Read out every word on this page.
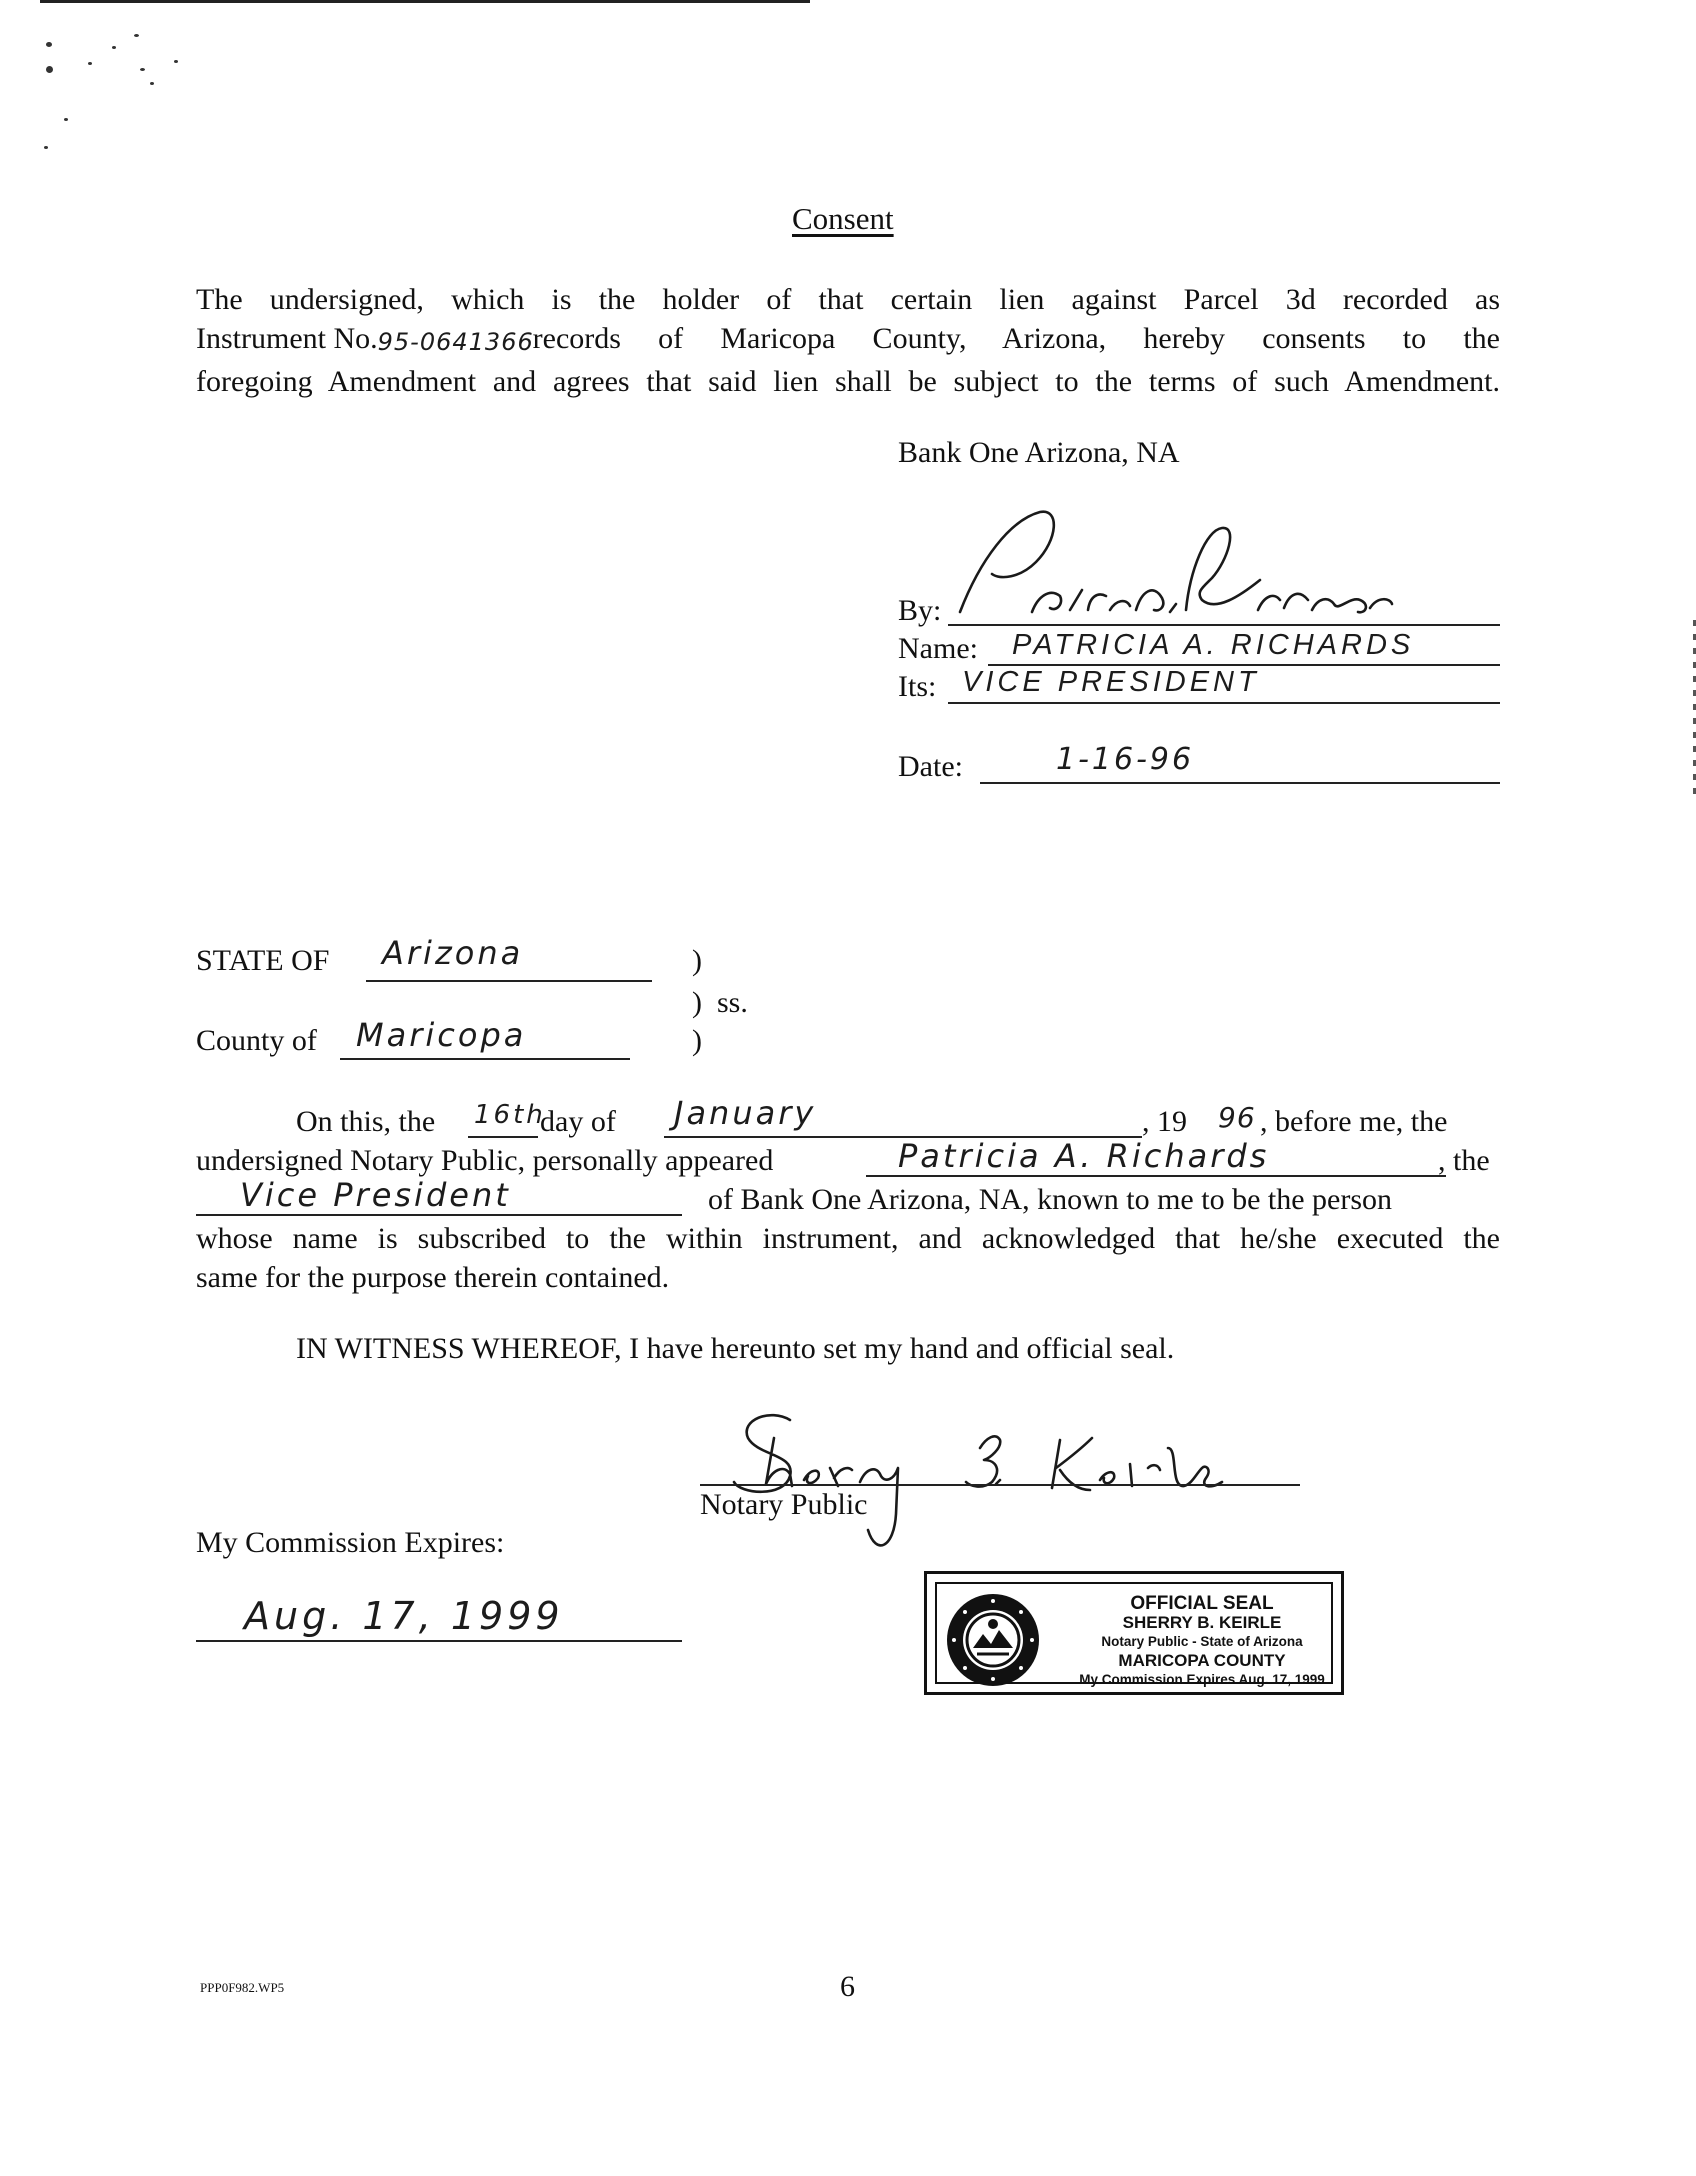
Consent
The undersigned, which is the holder of that certain lien against Parcel 3d recorded as
Instrument No. 95-0641366
records of Maricopa County, Arizona, hereby consents to the
foregoing Amendment and agrees that said lien shall be subject to the terms of such Amendment.
Bank One Arizona, NA
By:
Name: PATRICIA A. RICHARDS
Its: VICE PRESIDENT
Date:	1-16-96
STATE OF Arizona	)
)  ss.
County of Maricopa	)
On this, the 16th
day of January	, 19 96 , before me, the
undersigned Notary Public, personally appeared	Patricia A. Richards	, the
Vice President	of Bank One Arizona, NA, known to me to be the person
whose name is subscribed to the within instrument, and acknowledged that he/she executed the
same for the purpose therein contained.
IN WITNESS WHEREOF, I have hereunto set my hand and official seal.
Notary Public
My Commission Expires:
Aug. 17, 1999	OFFICIAL SEAL
SHERRY B. KEIRLE
Notary Public - State of Arizona
MARICOPA COUNTY
My Commission Expires Aug. 17, 1999
PPP0F982.WP5	6
